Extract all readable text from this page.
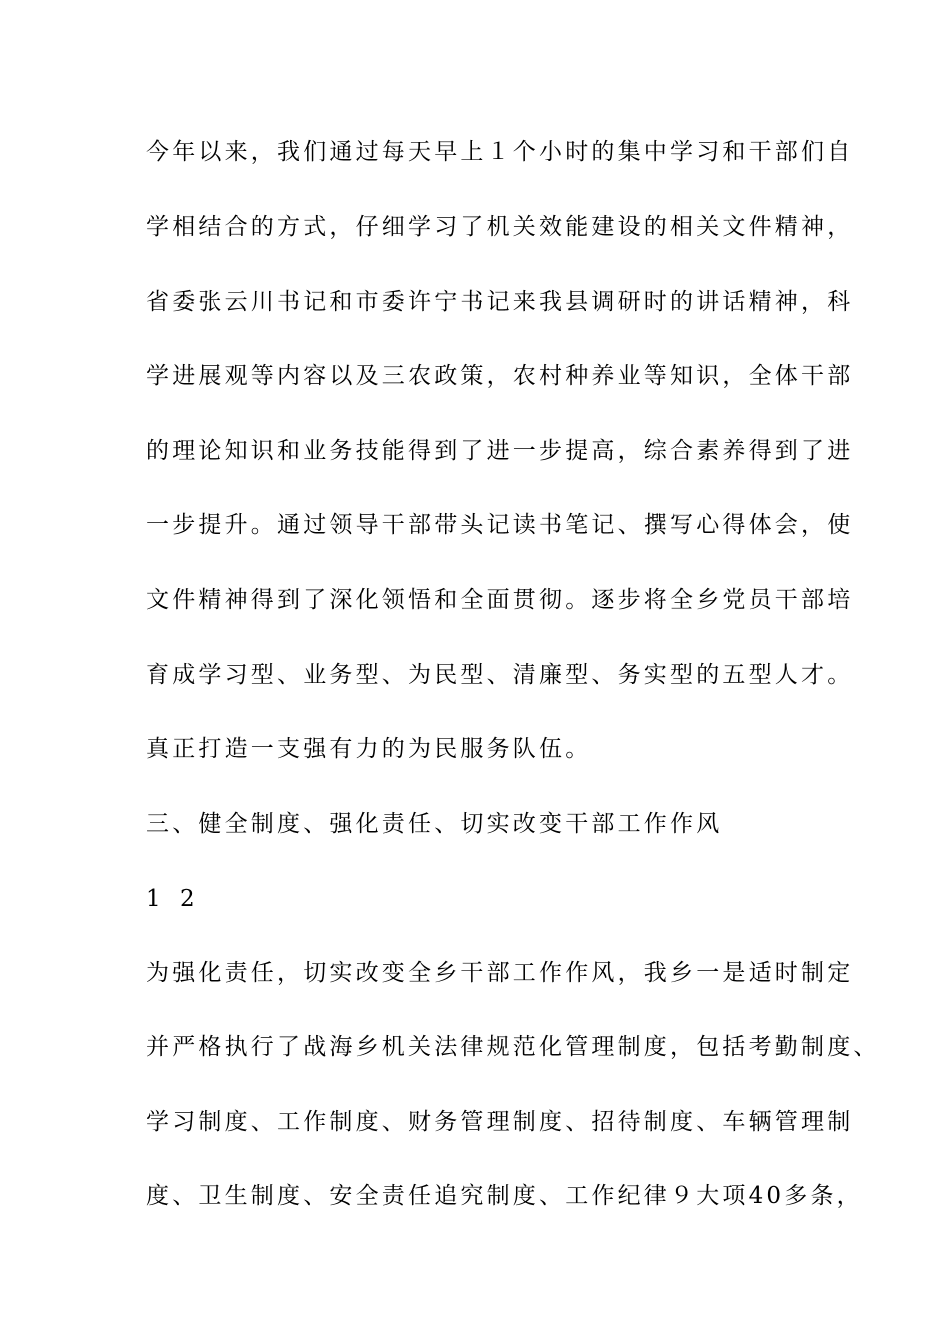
今年以来，我们通过每天早上１个小时的集中学习和干部们自
学相结合的方式，仔细学习了机关效能建设的相关文件精神，
省委张云川书记和市委许宁书记来我县调研时的讲话精神，科
学进展观等内容以及三农政策，农村种养业等知识，全体干部
的理论知识和业务技能得到了进一步提高，综合素养得到了进
一步提升。通过领导干部带头记读书笔记、撰写心得体会，使
文件精神得到了深化领悟和全面贯彻。逐步将全乡党员干部培
育成学习型、业务型、为民型、清廉型、务实型的五型人才。
真正打造一支强有力的为民服务队伍。
三、健全制度、强化责任、切实改变干部工作作风
1 2
为强化责任，切实改变全乡干部工作作风，我乡一是适时制定
并严格执行了战海乡机关法律规范化管理制度，包括考勤制度、
学习制度、工作制度、财务管理制度、招待制度、车辆管理制
度、卫生制度、安全责任追究制度、工作纪律９大项40多条，
